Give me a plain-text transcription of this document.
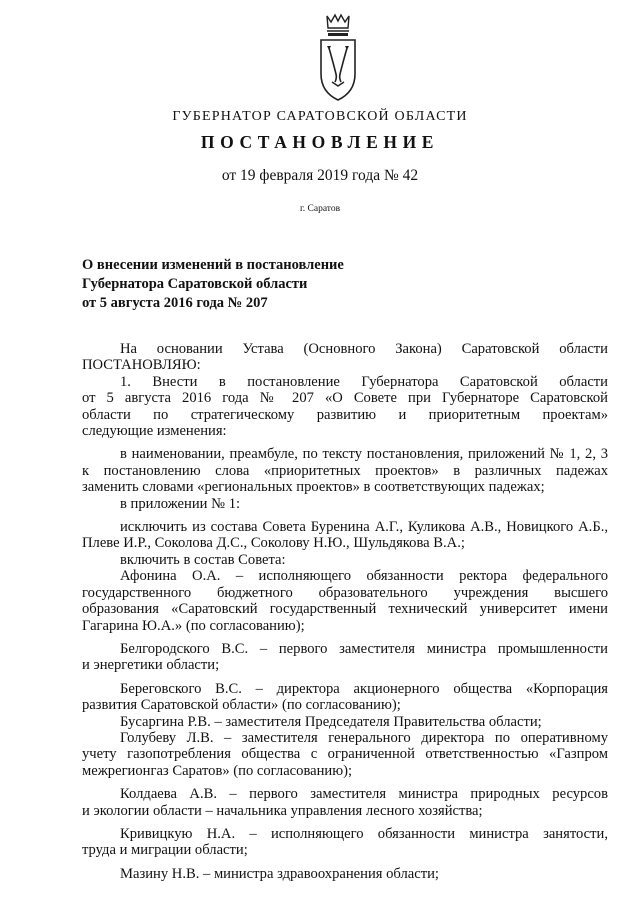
ГУБЕРНАТОР САРАТОВСКОЙ ОБЛАСТИ
ПОСТАНОВЛЕНИЕ
от 19 февраля 2019 года № 42
г. Саратов
О внесении изменений в постановление
Губернатора Саратовской области
от 5 августа 2016 года № 207
На основании Устава (Основного Закона) Саратовской области
ПОСТАНОВЛЯЮ:
1. Внести в постановление Губернатора Саратовской области
от 5 августа 2016 года № 207 «О Совете при Губернаторе Саратовской
области по стратегическому развитию и приоритетным проектам»
следующие изменения:
в наименовании, преамбуле, по тексту постановления, приложений № 1, 2, 3
к постановлению слова «приоритетных проектов» в различных падежах
заменить словами «региональных проектов» в соответствующих падежах;
в приложении № 1:
исключить из состава Совета Буренина А.Г., Куликова А.В., Новицкого А.Б.,
Плеве И.Р., Соколова Д.С., Соколову Н.Ю., Шульдякова В.А.;
включить в состав Совета:
Афонина О.А. – исполняющего обязанности ректора федерального
государственного бюджетного образовательного учреждения высшего
образования «Саратовский государственный технический университет имени
Гагарина Ю.А.» (по согласованию);
Белгородского В.С. – первого заместителя министра промышленности
и энергетики области;
Береговского В.С. – директора акционерного общества «Корпорация
развития Саратовской области» (по согласованию);
Бусаргина Р.В. – заместителя Председателя Правительства области;
Голубеву Л.В. – заместителя генерального директора по оперативному
учету газопотребления общества с ограниченной ответственностью «Газпром
межрегионгаз Саратов» (по согласованию);
Колдаева А.В. – первого заместителя министра природных ресурсов
и экологии области – начальника управления лесного хозяйства;
Кривицкую Н.А. – исполняющего обязанности министра занятости,
труда и миграции области;
Мазину Н.В. – министра здравоохранения области;
